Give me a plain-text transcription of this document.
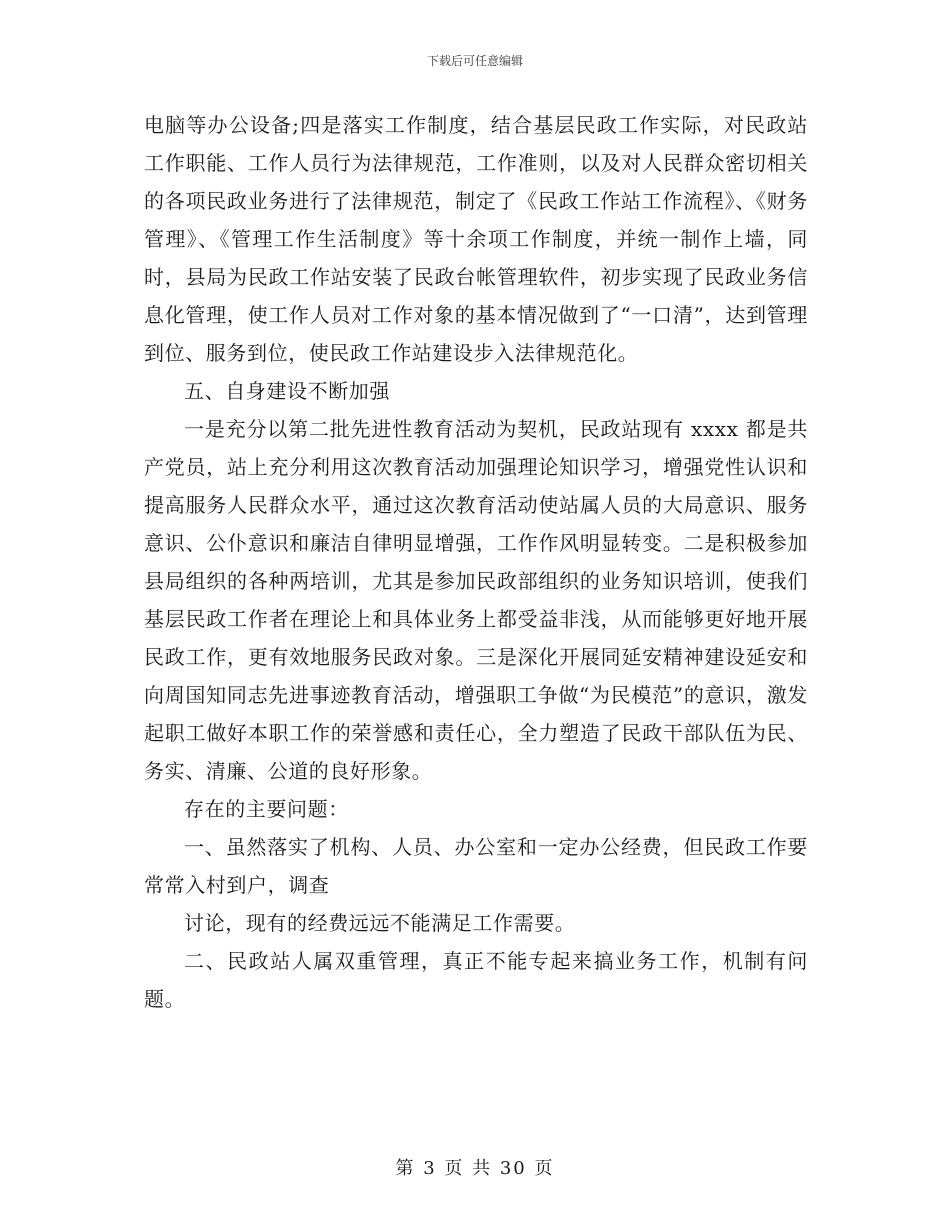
下载后可任意编辑

电脑等办公设备;四是落实工作制度，结合基层民政工作实际，对民政站工作职能、工作人员行为法律规范，工作准则，以及对人民群众密切相关的各项民政业务进行了法律规范，制定了《民政工作站工作流程》、《财务管理》、《管理工作生活制度》等十余项工作制度，并统一制作上墙，同时，县局为民政工作站安装了民政台帐管理软件，初步实现了民政业务信息化管理，使工作人员对工作对象的基本情况做到了“一口清”，达到管理到位、服务到位，使民政工作站建设步入法律规范化。

五、自身建设不断加强

一是充分以第二批先进性教育活动为契机，民政站现有 xxxx 都是共产党员，站上充分利用这次教育活动加强理论知识学习，增强党性认识和提高服务人民群众水平，通过这次教育活动使站属人员的大局意识、服务意识、公仆意识和廉洁自律明显增强，工作作风明显转变。二是积极参加县局组织的各种两培训，尤其是参加民政部组织的业务知识培训，使我们基层民政工作者在理论上和具体业务上都受益非浅，从而能够更好地开展民政工作，更有效地服务民政对象。三是深化开展同延安精神建设延安和向周国知同志先进事迹教育活动，增强职工争做“为民模范”的意识，激发起职工做好本职工作的荣誉感和责任心，全力塑造了民政干部队伍为民、务实、清廉、公道的良好形象。

存在的主要问题：

一、虽然落实了机构、人员、办公室和一定办公经费，但民政工作要常常入村到户，调查

讨论，现有的经费远远不能满足工作需要。

二、民政站人属双重管理，真正不能专起来搞业务工作，机制有问题。

第 3 页 共 30 页
